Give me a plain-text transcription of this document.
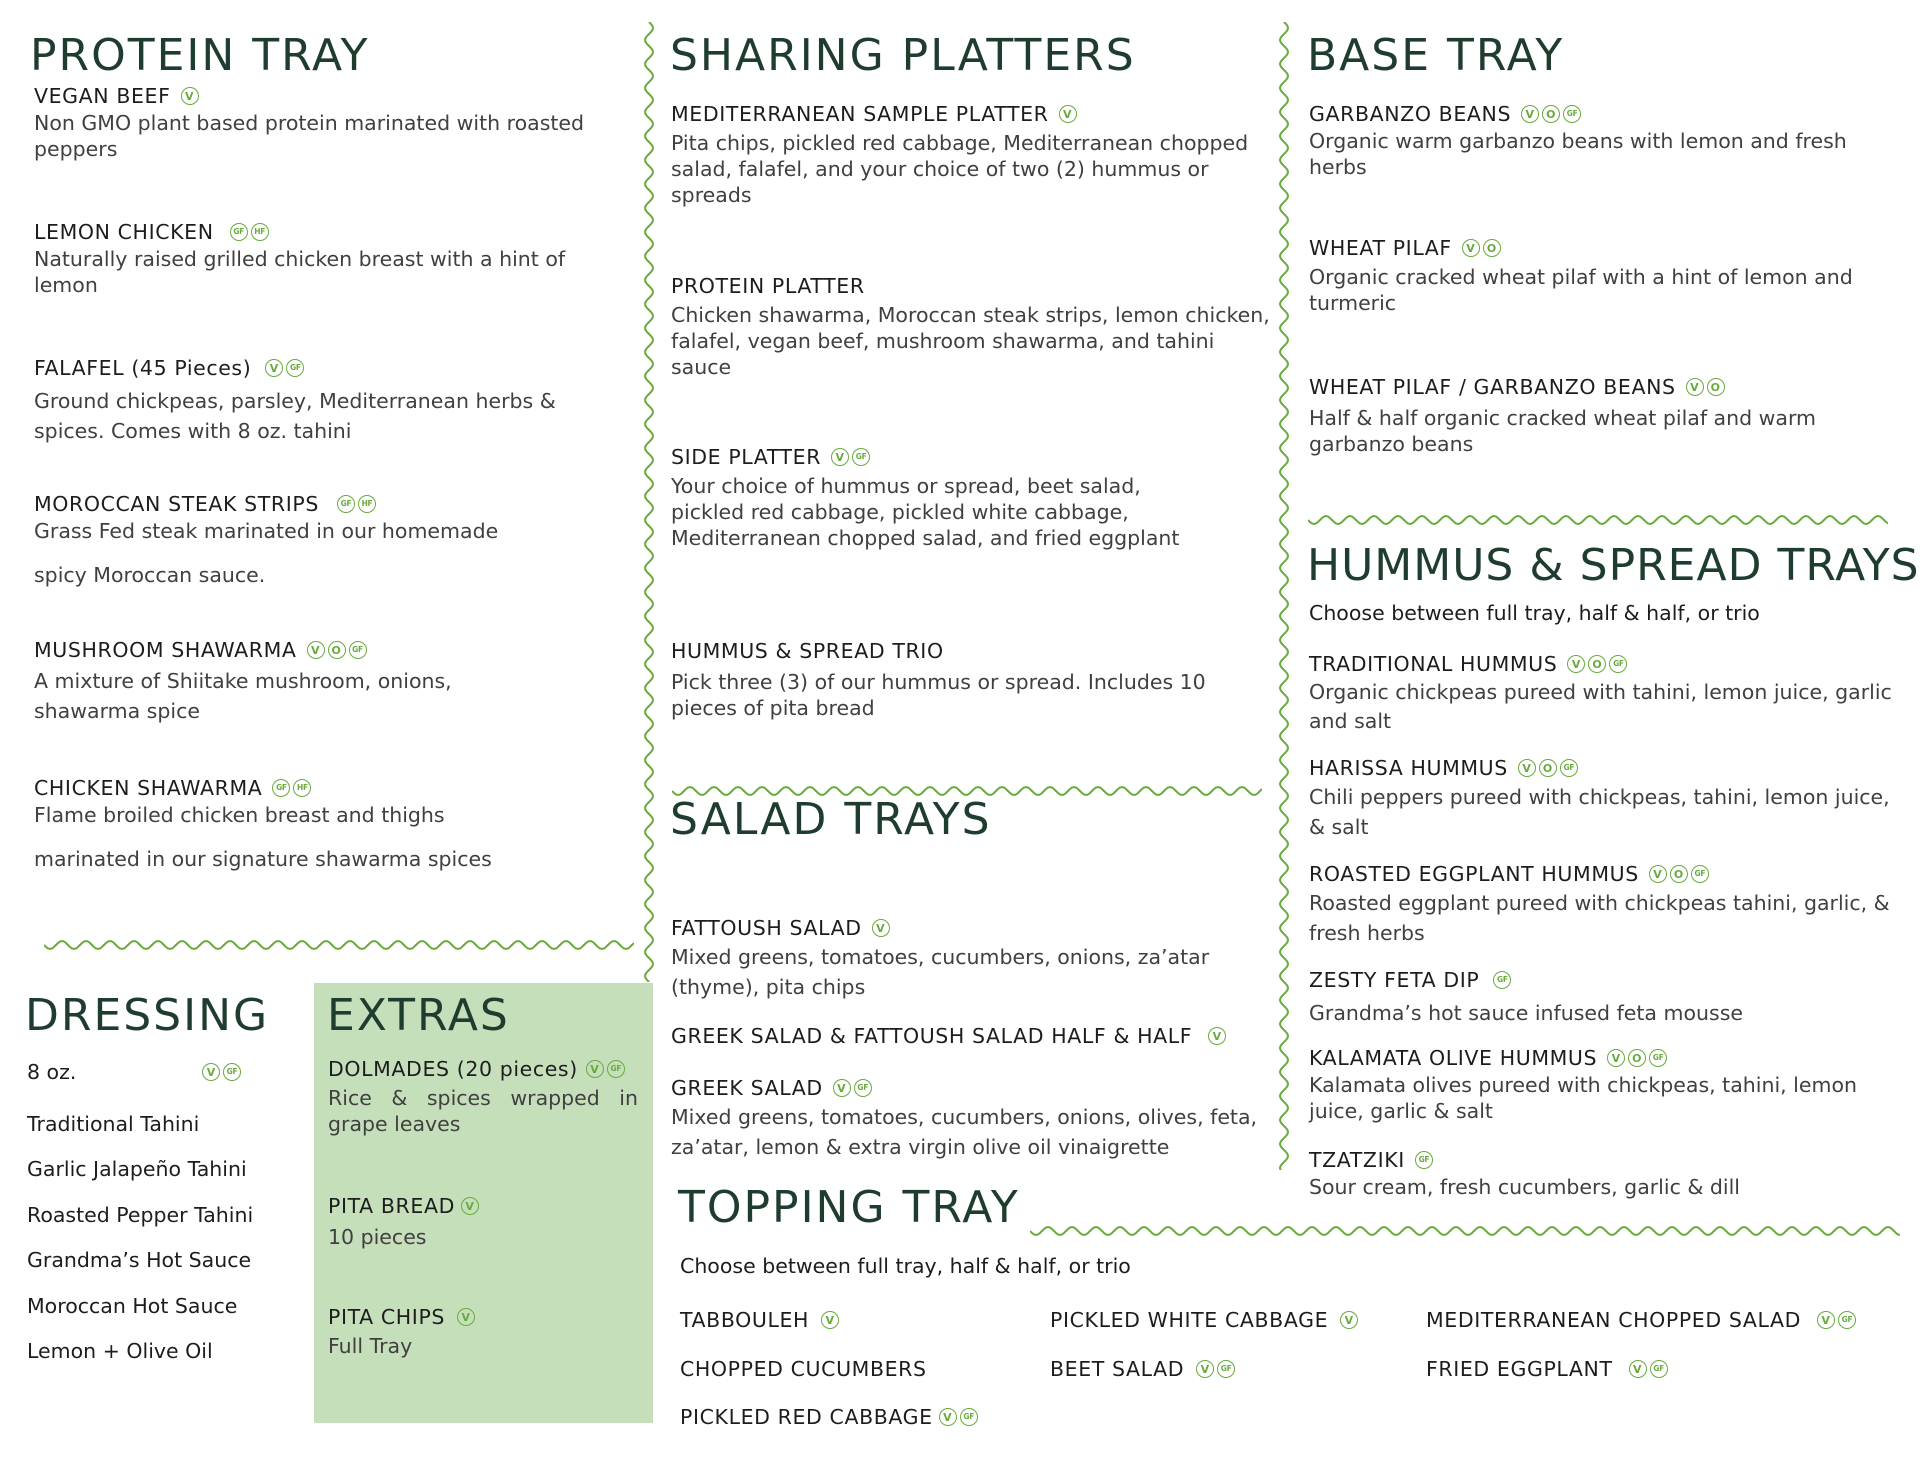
PROTEIN TRAY
VEGAN BEEF	V
Non GMO plant based protein marinated with roasted peppers
LEMON CHICKEN	GF	HF
Naturally raised grilled chicken breast with a hint of lemon
FALAFEL (45 Pieces)	V	GF
Ground chickpeas, parsley, Mediterranean herbs & spices. Comes with 8 oz. tahini
MOROCCAN STEAK STRIPS	GF	HF
Grass Fed steak marinated in our homemade
spicy Moroccan sauce.
MUSHROOM SHAWARMA	V	O	GF
A mixture of Shiitake mushroom, onions, shawarma spice
CHICKEN SHAWARMA	GF	HF
Flame broiled chicken breast and thighs
marinated in our signature shawarma spices
DRESSING
8 oz.	V	GF
Traditional Tahini
Garlic Jalapeño Tahini
Roasted Pepper Tahini
Grandma’s Hot Sauce
Moroccan Hot Sauce
Lemon + Olive Oil
EXTRAS
DOLMADES (20 pieces)	V	GF
Rice & spices wrapped in grape leaves
PITA BREAD V
10 pieces
PITA CHIPS	V
Full Tray
SHARING PLATTERS
MEDITERRANEAN SAMPLE PLATTER	V
Pita chips, pickled red cabbage, Mediterranean chopped salad, falafel, and your choice of two (2) hummus or spreads
PROTEIN PLATTER
Chicken shawarma, Moroccan steak strips, lemon chicken, falafel, vegan beef, mushroom shawarma, and tahini sauce
SIDE PLATTER	V	GF
Your choice of hummus or spread, beet salad, pickled red cabbage, pickled white cabbage, Mediterranean chopped salad, and fried eggplant
HUMMUS & SPREAD TRIO
Pick three (3) of our hummus or spread. Includes 10 pieces of pita bread
SALAD TRAYS
FATTOUSH SALAD	V
Mixed greens, tomatoes, cucumbers, onions, za’atar (thyme), pita chips
GREEK SALAD & FATTOUSH SALAD HALF & HALF	V
GREEK SALAD	V	GF
Mixed greens, tomatoes, cucumbers, onions, olives, feta, za’atar, lemon & extra virgin olive oil vinaigrette
BASE TRAY
GARBANZO BEANS	V	O	GF
Organic warm garbanzo beans with lemon and fresh herbs
WHEAT PILAF	V	O
Organic cracked wheat pilaf with a hint of lemon and turmeric
WHEAT PILAF / GARBANZO BEANS	V	O
Half & half organic cracked wheat pilaf and warm garbanzo beans
HUMMUS & SPREAD TRAYS
Choose between full tray, half & half, or trio
TRADITIONAL HUMMUS	V	O	GF
Organic chickpeas pureed with tahini, lemon juice, garlic and salt
HARISSA HUMMUS	V	O	GF
Chili peppers pureed with chickpeas, tahini, lemon juice, & salt
ROASTED EGGPLANT HUMMUS	V	O	GF
Roasted eggplant pureed with chickpeas tahini, garlic, & fresh herbs
ZESTY FETA DIP	GF
Grandma’s hot sauce infused feta mousse
KALAMATA OLIVE HUMMUS	V	O	GF
Kalamata olives pureed with chickpeas, tahini, lemon juice, garlic & salt
TZATZIKI	GF
Sour cream, fresh cucumbers, garlic & dill
TOPPING TRAY
Choose between full tray, half & half, or trio
TABBOULEH	V
CHOPPED CUCUMBERS
PICKLED RED CABBAGE V	GF
PICKLED WHITE CABBAGE	V
BEET SALAD	V	GF
MEDITERRANEAN CHOPPED SALAD	V	GF
FRIED EGGPLANT	V	GF
